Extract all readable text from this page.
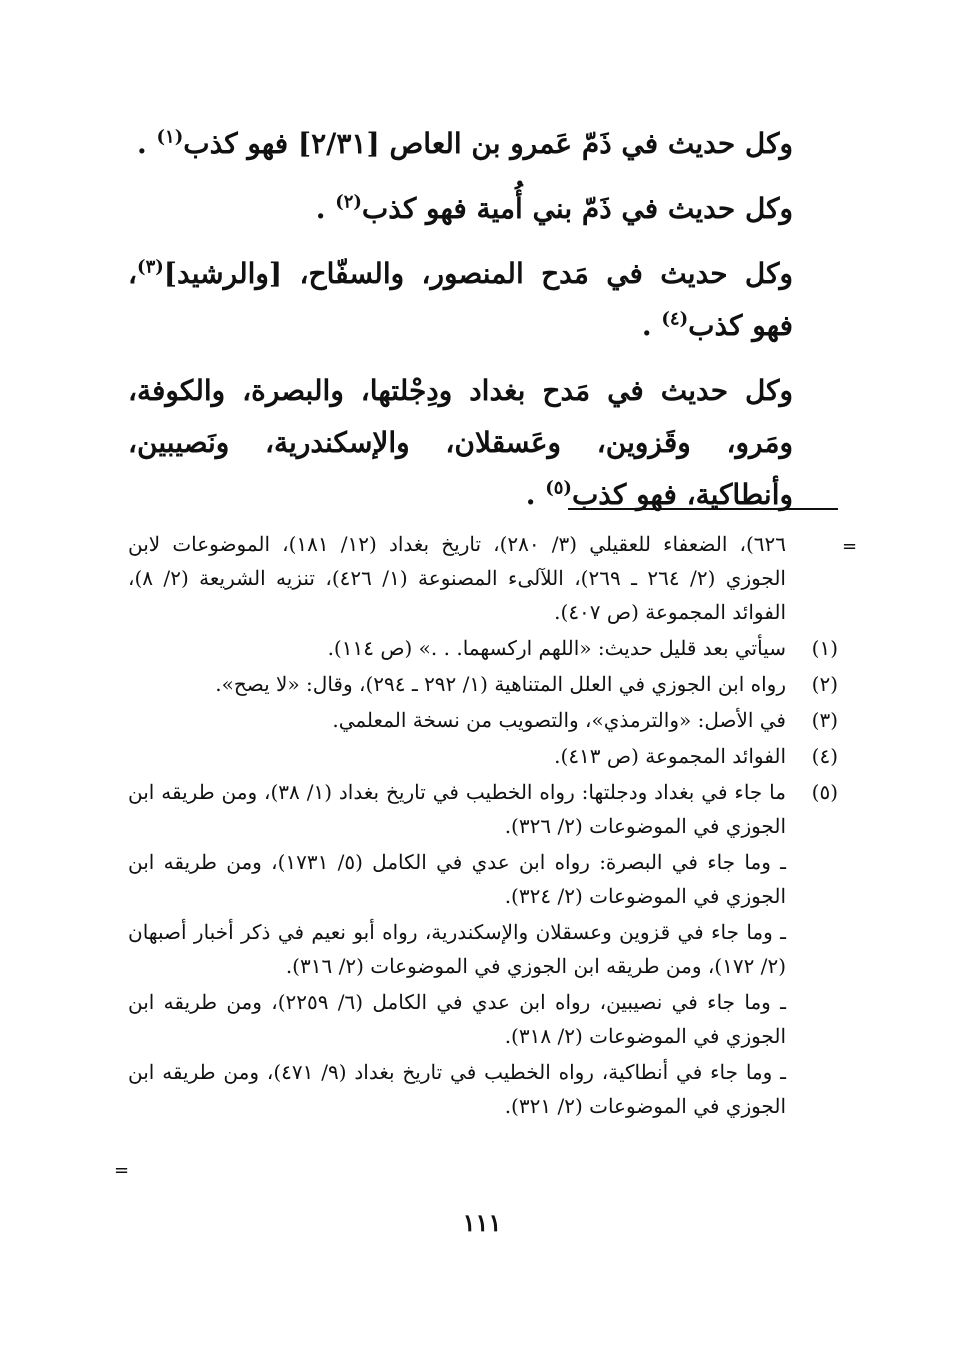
وكل حديث في ذَمّ عَمرو بن العاص [٢/٣١] فهو كذب$^{(١)}$ .

وكل حديث في ذَمّ بني أُمية فهو كذب$^{(٢)}$ .

وكل حديث في مَدح المنصور، والسفّاح، [والرشيد]$^{(٣)}$، فهو كذب$^{(٤)}$ .

وكل حديث في مَدح بغداد ودِجْلتها، والبصرة، والكوفة، ومَرو، وقَزوين، وعَسقلان، والإسكندرية، ونَصيبين، وأنطاكية، فهو كذب$^{(٥)}$ .

=

٦٢٦)، الضعفاء للعقيلي (٣/ ٢٨٠)، تاريخ بغداد (١٢/ ١٨١)، الموضوعات لابن الجوزي (٢/ ٢٦٤ ـ ٢٦٩)، اللآلىء المصنوعة (١/ ٤٢٦)، تنزيه الشريعة (٢/ ٨)، الفوائد المجموعة (ص ٤٠٧).

(١)
سيأتي بعد قليل حديث: «اللهم اركسهما. . .» (ص ١١٤).

(٢)
رواه ابن الجوزي في العلل المتناهية (١/ ٢٩٢ ـ ٢٩٤)، وقال: «لا يصح».

(٣)
في الأصل: «والترمذي»، والتصويب من نسخة المعلمي.

(٤)
الفوائد المجموعة (ص ٤١٣).

(٥)
ما جاء في بغداد ودجلتها: رواه الخطيب في تاريخ بغداد (١/ ٣٨)، ومن طريقه ابن الجوزي في الموضوعات (٢/ ٣٢٦).

ـ وما جاء في البصرة: رواه ابن عدي في الكامل (٥/ ١٧٣١)، ومن طريقه ابن الجوزي في الموضوعات (٢/ ٣٢٤).

ـ وما جاء في قزوين وعسقلان والإسكندرية، رواه أبو نعيم في ذكر أخبار أصبهان (٢/ ١٧٢)، ومن طريقه ابن الجوزي في الموضوعات (٢/ ٣١٦).

ـ وما جاء في نصيبين، رواه ابن عدي في الكامل (٦/ ٢٢٥٩)، ومن طريقه ابن الجوزي في الموضوعات (٢/ ٣١٨).

ـ وما جاء في أنطاكية، رواه الخطيب في تاريخ بغداد (٩/ ٤٧١)، ومن طريقه ابن الجوزي في الموضوعات (٢/ ٣٢١).

=
١١١
